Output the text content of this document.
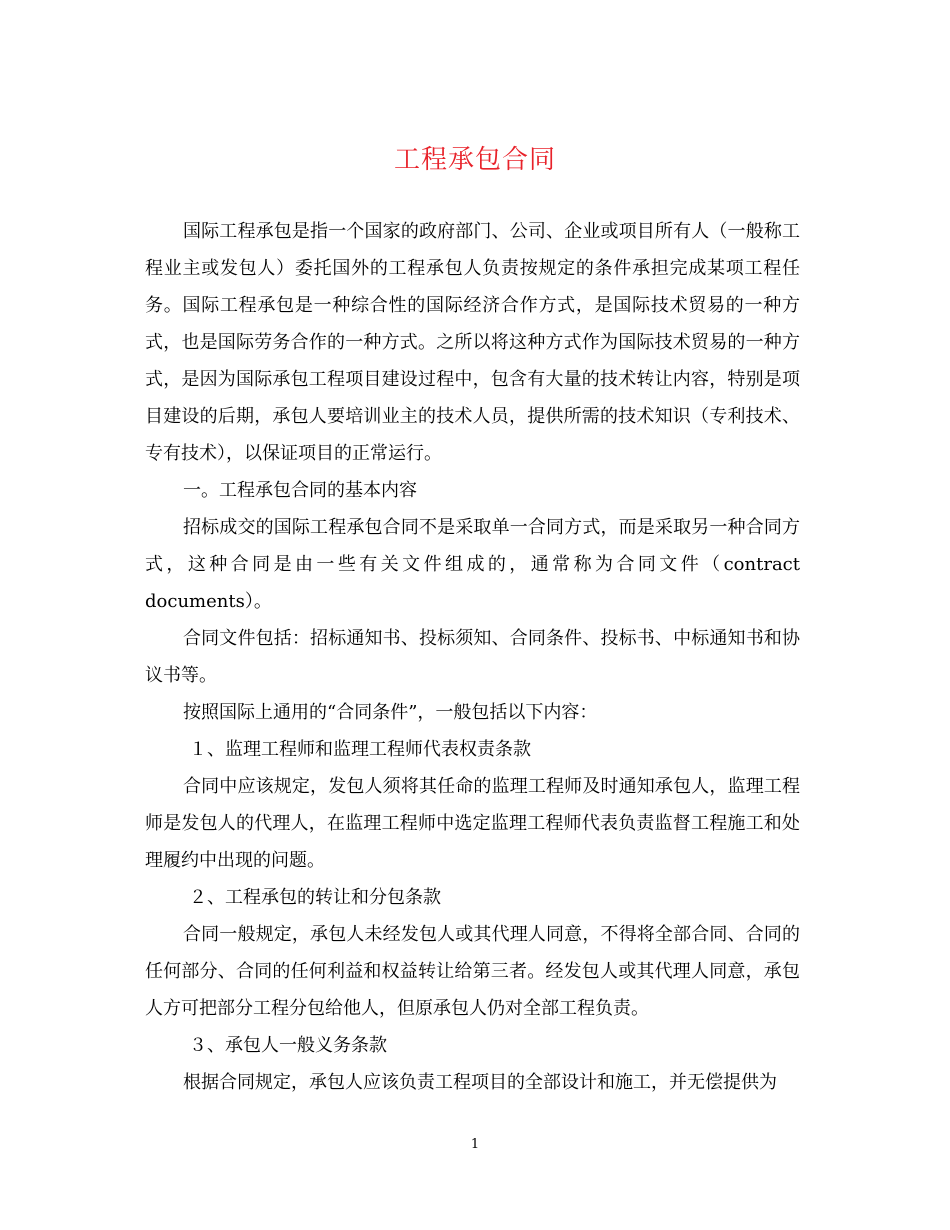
工程承包合同

国际工程承包是指一个国家的政府部门、公司、企业或项目所有人（一般称工程业主或发包人）委托国外的工程承包人负责按规定的条件承担完成某项工程任务。国际工程承包是一种综合性的国际经济合作方式，是国际技术贸易的一种方式，也是国际劳务合作的一种方式。之所以将这种方式作为国际技术贸易的一种方式，是因为国际承包工程项目建设过程中，包含有大量的技术转让内容，特别是项目建设的后期，承包人要培训业主的技术人员，提供所需的技术知识（专利技术、专有技术），以保证项目的正常运行。

一。工程承包合同的基本内容

招标成交的国际工程承包合同不是采取单一合同方式，而是采取另一种合同方式，这种合同是由一些有关文件组成的，通常称为合同文件（contract documents）。

合同文件包括：招标通知书、投标须知、合同条件、投标书、中标通知书和协议书等。

按照国际上通用的“合同条件”，一般包括以下内容：

１、监理工程师和监理工程师代表权责条款

合同中应该规定，发包人须将其任命的监理工程师及时通知承包人，监理工程师是发包人的代理人，在监理工程师中选定监理工程师代表负责监督工程施工和处理履约中出现的问题。

２、工程承包的转让和分包条款

合同一般规定，承包人未经发包人或其代理人同意，不得将全部合同、合同的任何部分、合同的任何利益和权益转让给第三者。经发包人或其代理人同意，承包人方可把部分工程分包给他人，但原承包人仍对全部工程负责。

３、承包人一般义务条款

根据合同规定，承包人应该负责工程项目的全部设计和施工，并无偿提供为

1
